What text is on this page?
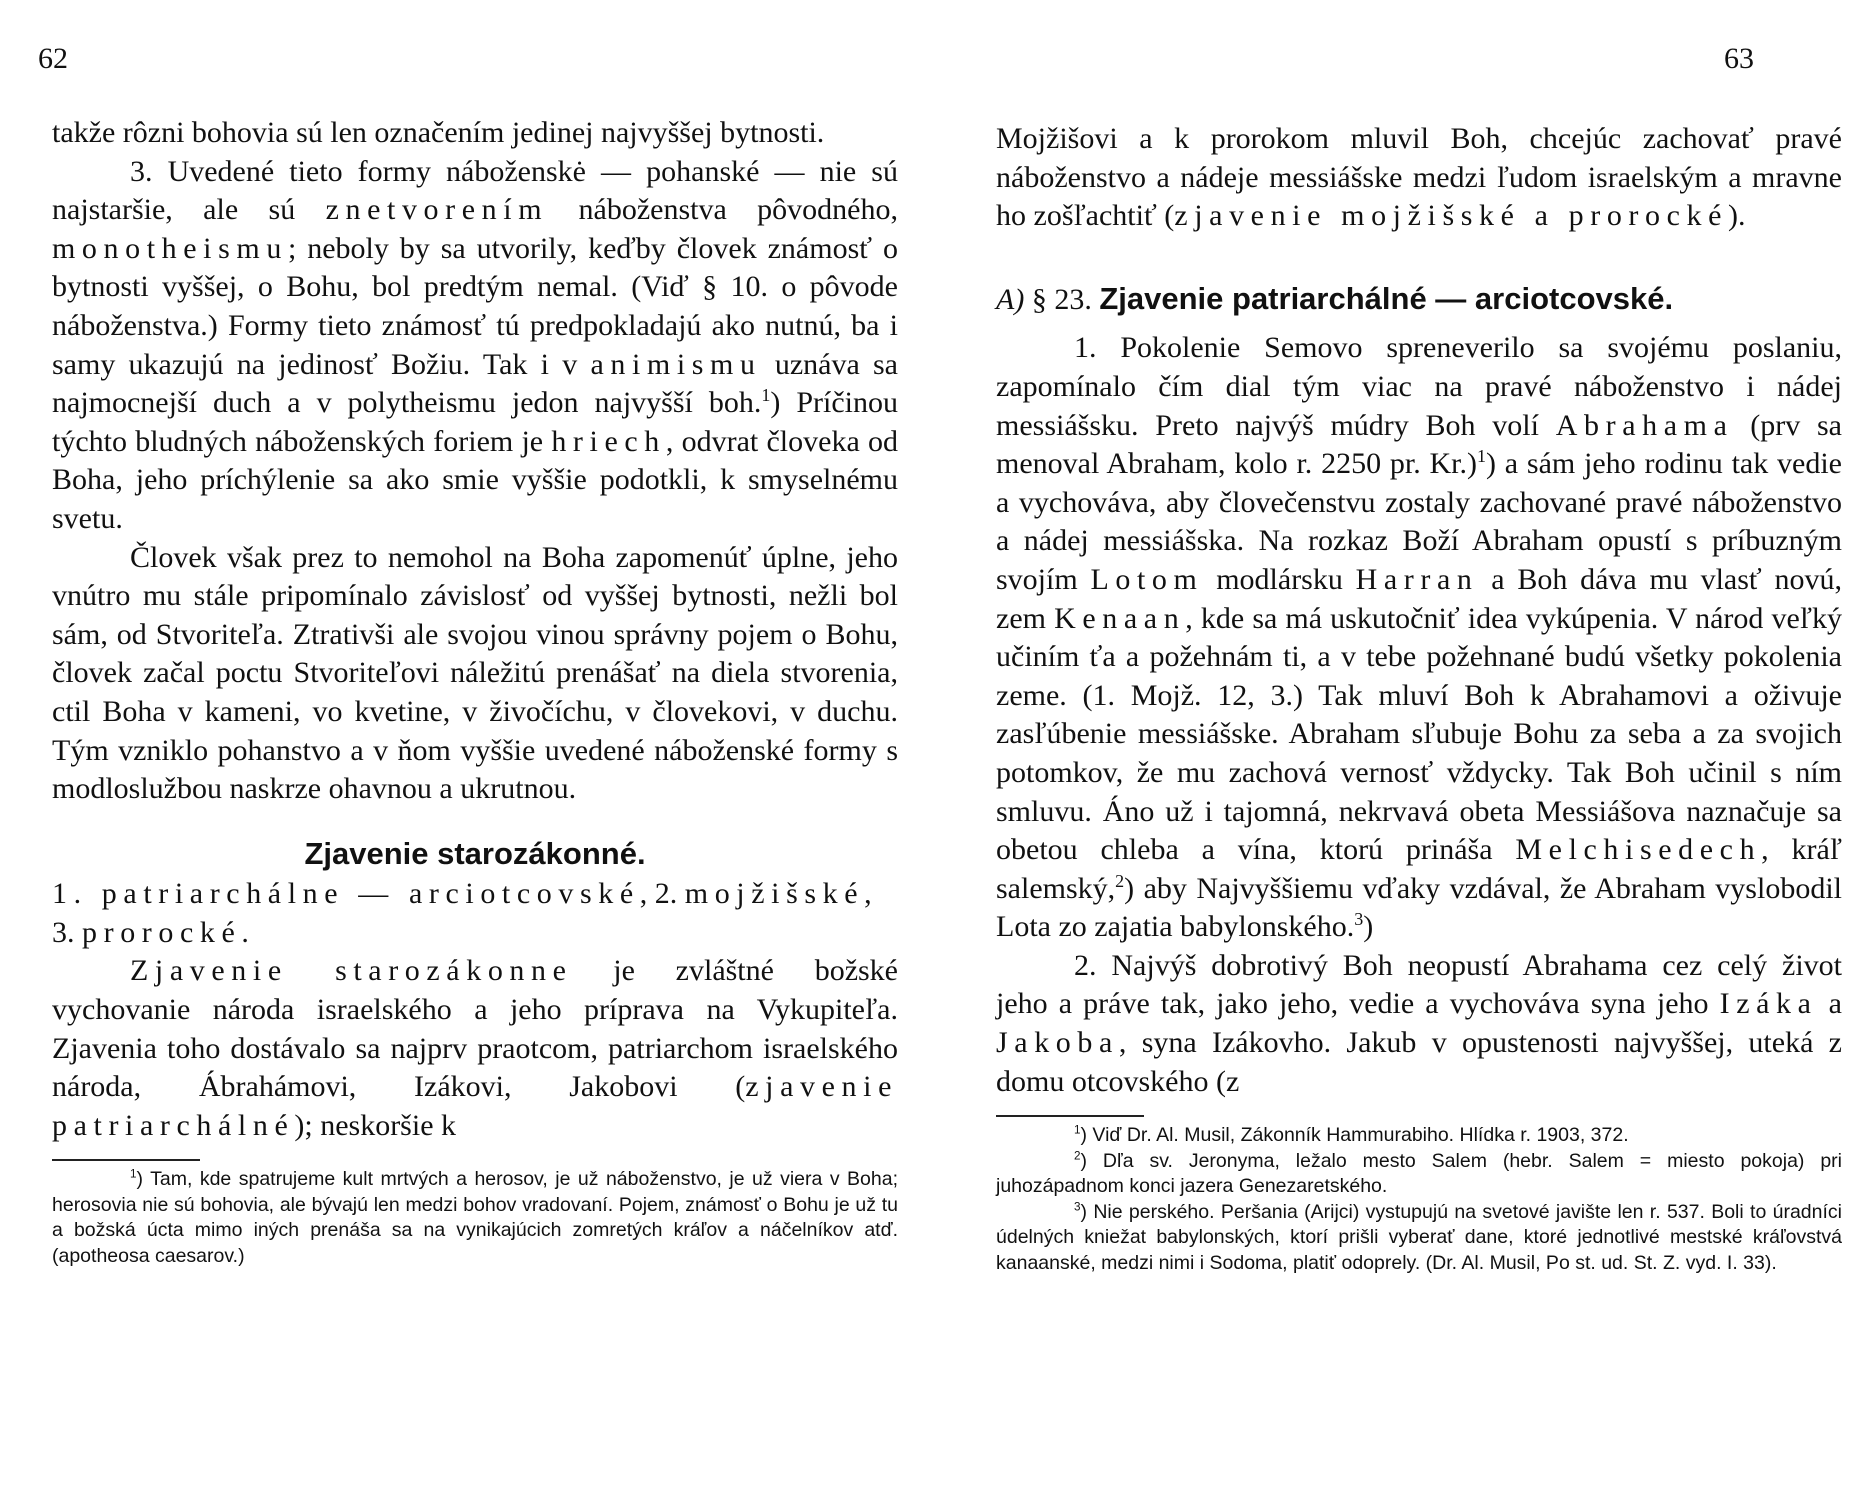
62

takže rôzni bohovia sú len označením jedinej najvyššej bytnosti.

3. Uvedené tieto formy náboženskė — pohanské — nie sú najstaršie, ale sú znetvorením náboženstva pôvodného, monotheismu; neboly by sa utvorily, keďby človek známosť o bytnosti vyššej, o Bohu, bol predtým nemal. (Viď § 10. o pôvode náboženstva.) Formy tieto známosť tú predpokladajú ako nutnú, ba i samy ukazujú na jedinosť Božiu. Tak i v animismu uznáva sa najmocnejší duch a v polytheismu jedon najvyšší boh.$^1$) Príčinou týchto bludných náboženských foriem je hriech, odvrat človeka od Boha, jeho príchýlenie sa ako smie vyššie podotkli, k smyselnému svetu.

Človek však prez to nemohol na Boha zapomenúť úplne, jeho vnútro mu stále pripomínalo závislosť od vyššej bytnosti, nežli bol sám, od Stvoriteľa. Ztrativši ale svojou vinou správny pojem o Bohu, človek začal poctu Stvoriteľovi náležitú prenášať na diela stvorenia, ctil Boha v kameni, vo kvetine, v živočíchu, v človekovi, v duchu. Tým vzniklo pohanstvo a v ňom vyššie uvedené náboženské formy s modloslužbou naskrze ohavnou a ukrutnou.

Zjavenie starozákonné.

1. patriarchálne — arciotcovské, 2. mojžišské,
3. prorocké.

Zjavenie starozákonne je zvláštné božské vychovanie národa israelského a jeho príprava na Vykupiteľa. Zjavenia toho dostávalo sa najprv praotcom, patriarchom israelského národa, Ábrahámovi, Izákovi, Jakobovi (zjavenie patriarchálné); neskoršie k

$^1$) Tam, kde spatrujeme kult mrtvých a herosov, je už náboženstvo, je už viera v Boha; herosovia nie sú bohovia, ale bývajú len medzi bohov vradovaní. Pojem, známosť o Bohu je už tu a božská úcta mimo iných prenáša sa na vynikajúcich zomretých kráľov a náčelníkov atď. (apotheosa caesarov.)

63

Mojžišovi a k prorokom mluvil Boh, chcejúc zachovať pravé náboženstvo a nádeje messiášske medzi ľudom israelským a mravne ho zošľachtiť (zjavenie mojžišské a prorocké).

A) § 23. Zjavenie patriarchálné — arciotcovské.

1. Pokolenie Semovo spreneverilo sa svojému poslaniu, zapomínalo čím dial tým viac na pravé náboženstvo i nádej messiášsku. Preto najvýš múdry Boh volí Abrahama (prv sa menoval Abraham, kolo r. 2250 pr. Kr.)$^1$) a sám jeho rodinu tak vedie a vychováva, aby človečenstvu zostaly zachované pravé náboženstvo a nádej messiášska. Na rozkaz Boží Abraham opustí s príbuzným svojím Lotom modlársku Harran a Boh dáva mu vlasť novú, zem Kenaan, kde sa má uskutočniť idea vykúpenia. V národ veľký učiním ťa a požehnám ti, a v tebe požehnané budú všetky pokolenia zeme. (1. Mojž. 12, 3.) Tak mluví Boh k Abrahamovi a oživuje zasľúbenie messiášske. Abraham sľubuje Bohu za seba a za svojich potomkov, že mu zachová vernosť vždycky. Tak Boh učinil s ním smluvu. Áno už i tajomná, nekrvavá obeta Messiášova naznačuje sa obetou chleba a vína, ktorú prináša Melchisedech, kráľ salemský,$^2$) aby Najvyššiemu vďaky vzdával, že Abraham vyslobodil Lota zo zajatia babylonského.$^3$)

2. Najvýš dobrotivý Boh neopustí Abrahama cez celý život jeho a práve tak, jako jeho, vedie a vychováva syna jeho Izáka a Jakoba, syna Izákovho. Jakub v opustenosti najvyššej, uteká z domu otcovského (z

$^1$) Viď Dr. Al. Musil, Zákonník Hammurabiho. Hlídka r. 1903, 372.

$^2$) Dľa sv. Jeronyma, ležalo mesto Salem (hebr. Salem = miesto pokoja) pri juhozápadnom konci jazera Genezaretského.

$^3$) Nie perského. Peršania (Arijci) vystupujú na svetové javište len r. 537. Boli to úradníci údelných kniežat babylonských, ktorí prišli vyberať dane, ktoré jednotlivé mestské kráľovstvá kanaanské, medzi nimi i Sodoma, platiť odoprely. (Dr. Al. Musil, Po st. ud. St. Z. vyd. I. 33).
